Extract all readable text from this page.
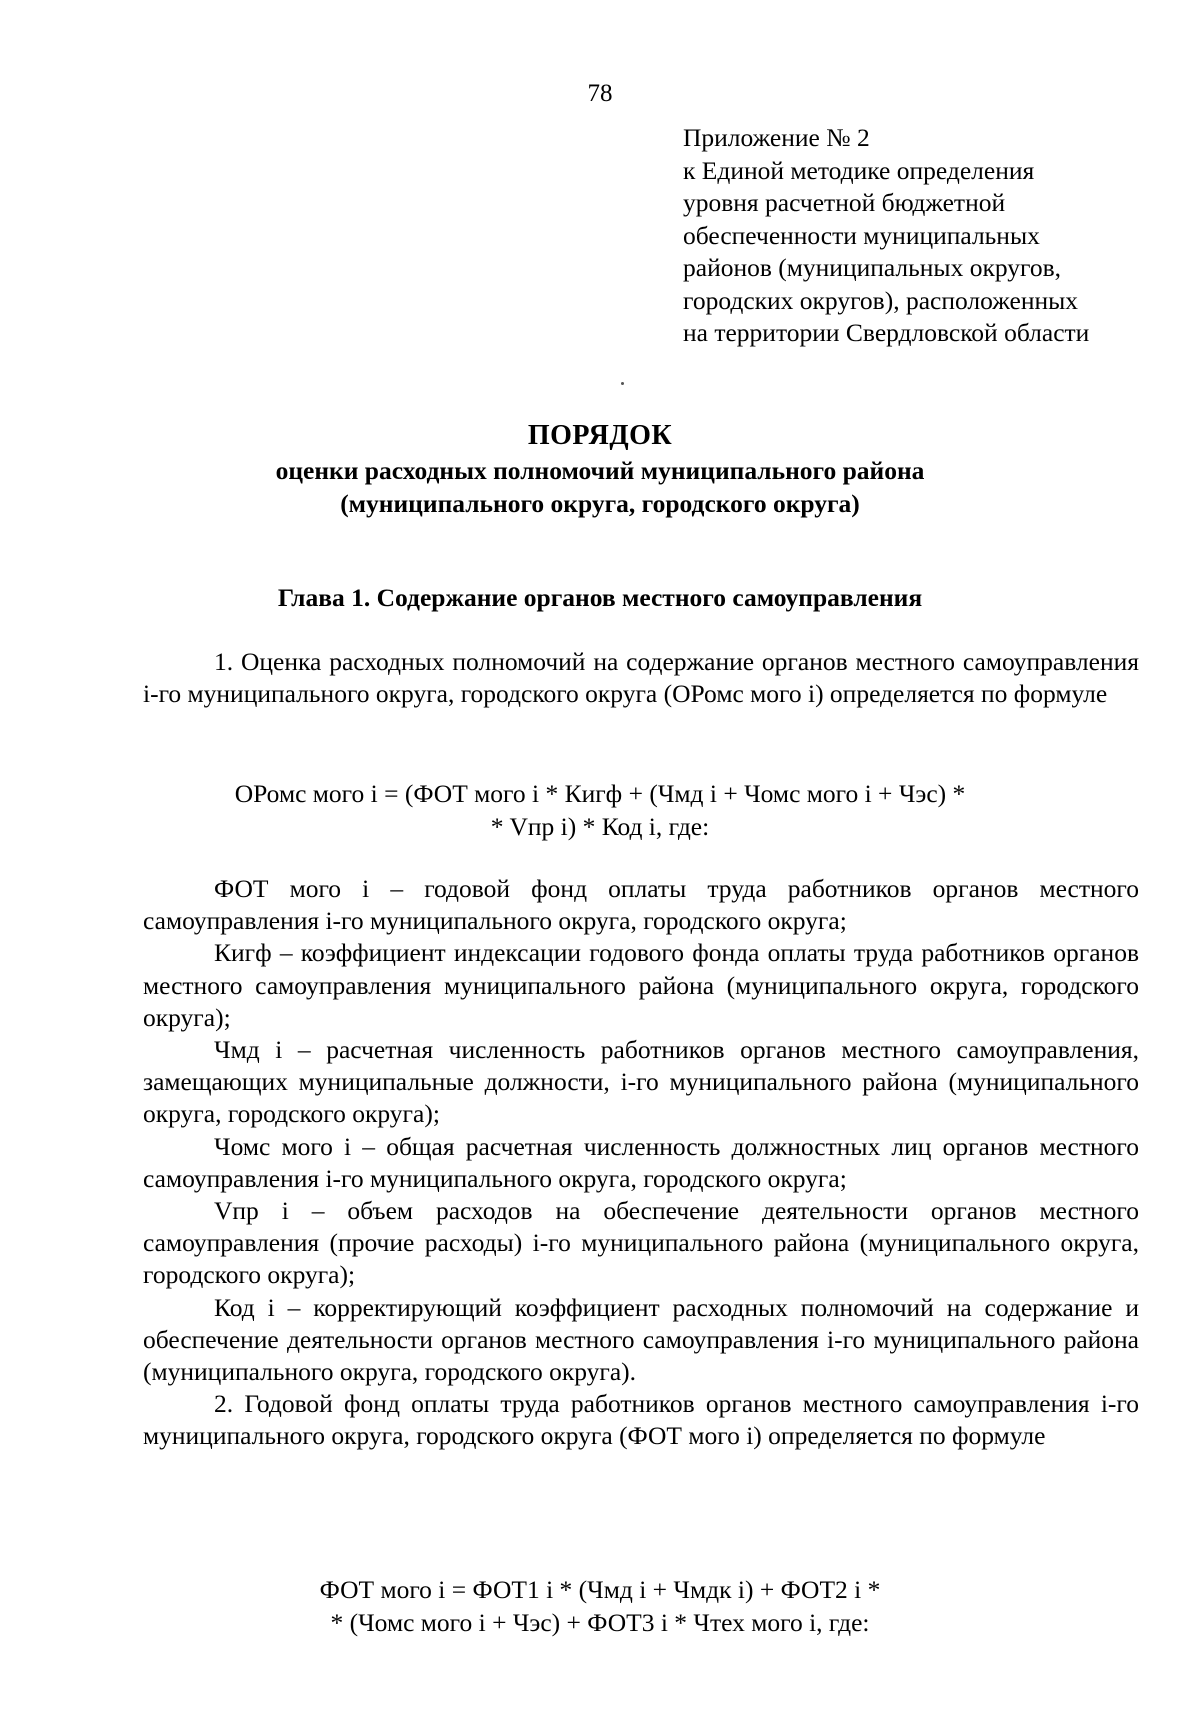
78
Приложение № 2
к Единой методике определения
уровня расчетной бюджетной
обеспеченности муниципальных
районов (муниципальных округов,
городских округов), расположенных
на территории Свердловской области
ПОРЯДОК
оценки расходных полномочий муниципального района
(муниципального округа, городского округа)
Глава 1. Содержание органов местного самоуправления

1. Оценка расходных полномочий на содержание органов местного самоуправления i-го муниципального округа, городского округа (ОРомс мого i) определяется по формуле

ОРомс мого i = (ФОТ мого i * Кигф + (Чмд i + Чомс мого i + Чэс) *
* Vпр i) * Код i, где:

ФОТ мого i – годовой фонд оплаты труда работников органов местного самоуправления i-го муниципального округа, городского округа;

Кигф – коэффициент индексации годового фонда оплаты труда работников органов местного самоуправления муниципального района (муниципального округа, городского округа);

Чмд i – расчетная численность работников органов местного самоуправления, замещающих муниципальные должности, i-го муниципального района (муниципального округа, городского округа);

Чомс мого i – общая расчетная численность должностных лиц органов местного самоуправления i-го муниципального округа, городского округа;

Vпр i – объем расходов на обеспечение деятельности органов местного самоуправления (прочие расходы) i-го муниципального района (муниципального округа, городского округа);

Код i – корректирующий коэффициент расходных полномочий на содержание и обеспечение деятельности органов местного самоуправления i-го муниципального района (муниципального округа, городского округа).

2. Годовой фонд оплаты труда работников органов местного самоуправления i-го муниципального округа, городского округа (ФОТ мого i) определяется по формуле

ФОТ мого i = ФОТ1 i * (Чмд i + Чмдк i) + ФОТ2 i *
* (Чомс мого i + Чэс) + ФОТ3 i * Чтех мого i, где:
